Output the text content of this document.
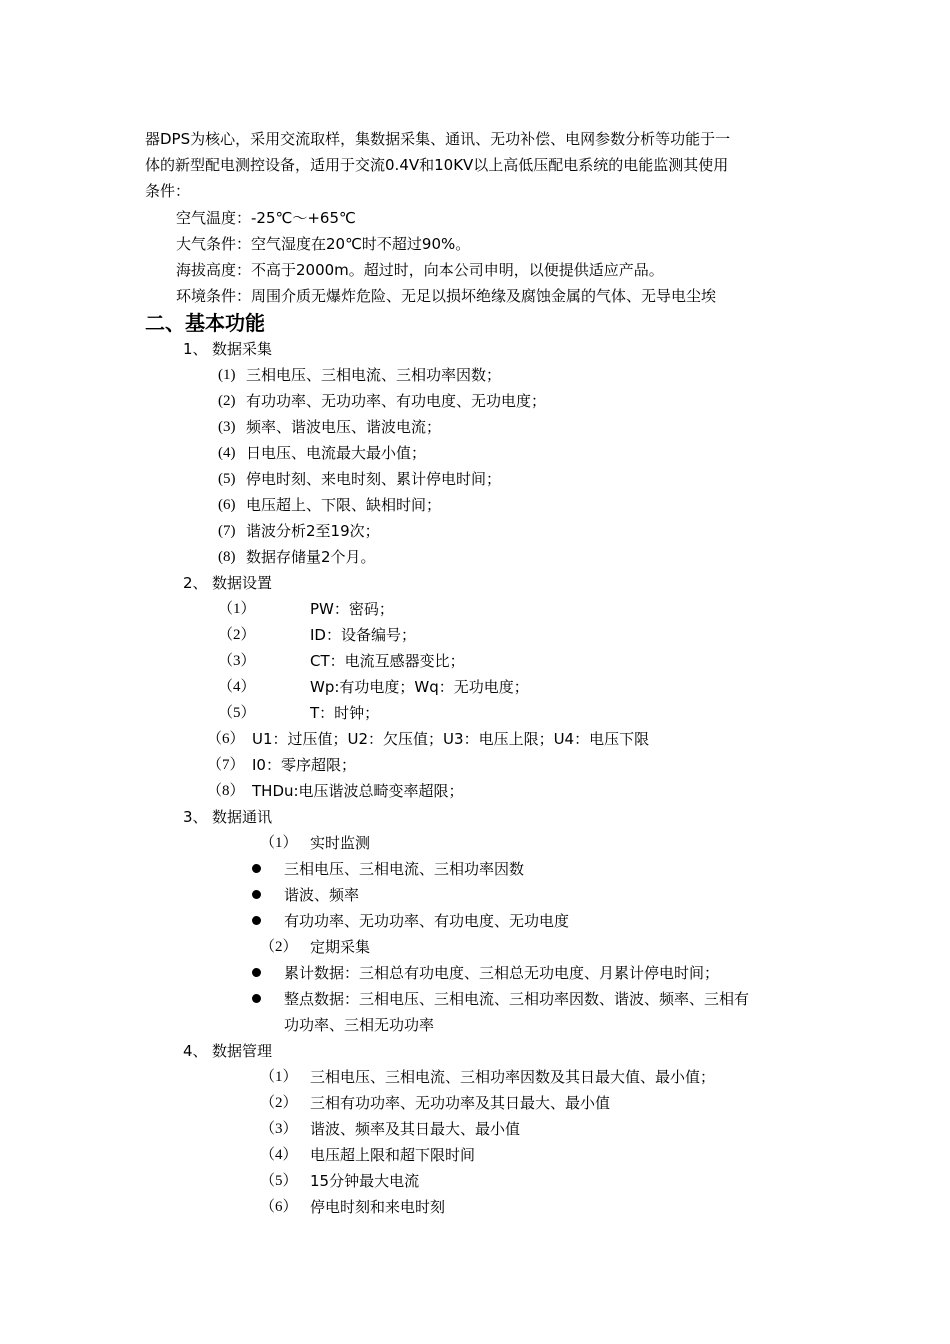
器DPS为核心，采用交流取样，集数据采集、通讯、无功补偿、电网参数分析等功能于一
体的新型配电测控设备，适用于交流0.4V和10KV以上高低压配电系统的电能监测其使用
条件：
空气温度：-25℃～+65℃
大气条件：空气湿度在20℃时不超过90%。
海拔高度：不高于2000m。超过时，向本公司申明，以便提供适应产品。
环境条件：周围介质无爆炸危险、无足以损坏绝缘及腐蚀金属的气体、无导电尘埃
二、基本功能
1、 数据采集
(1) 三相电压、三相电流、三相功率因数；
(2) 有功功率、无功功率、有功电度、无功电度；
(3) 频率、谐波电压、谐波电流；
(4) 日电压、电流最大最小值；
(5) 停电时刻、来电时刻、累计停电时间；
(6) 电压超上、下限、缺相时间；
(7) 谐波分析2至19次；
(8) 数据存储量2个月。
2、 数据设置
（1）	PW：密码；
（2）	ID：设备编号；
（3）	CT：电流互感器变比；
（4）	Wp:有功电度；Wq：无功电度；
（5）	T：时钟；
（6） U1：过压值；U2：欠压值；U3：电压上限；U4：电压下限
（7） I0：零序超限；
（8） THDu:电压谐波总畸变率超限；
3、 数据通讯
（1） 实时监测
三相电压、三相电流、三相功率因数
谐波、频率
有功功率、无功功率、有功电度、无功电度
（2） 定期采集
累计数据：三相总有功电度、三相总无功电度、月累计停电时间；
整点数据：三相电压、三相电流、三相功率因数、谐波、频率、三相有
功功率、三相无功功率
4、 数据管理
（1） 三相电压、三相电流、三相功率因数及其日最大值、最小值；
（2） 三相有功功率、无功功率及其日最大、最小值
（3） 谐波、频率及其日最大、最小值
（4） 电压超上限和超下限时间
（5） 15分钟最大电流
（6） 停电时刻和来电时刻
